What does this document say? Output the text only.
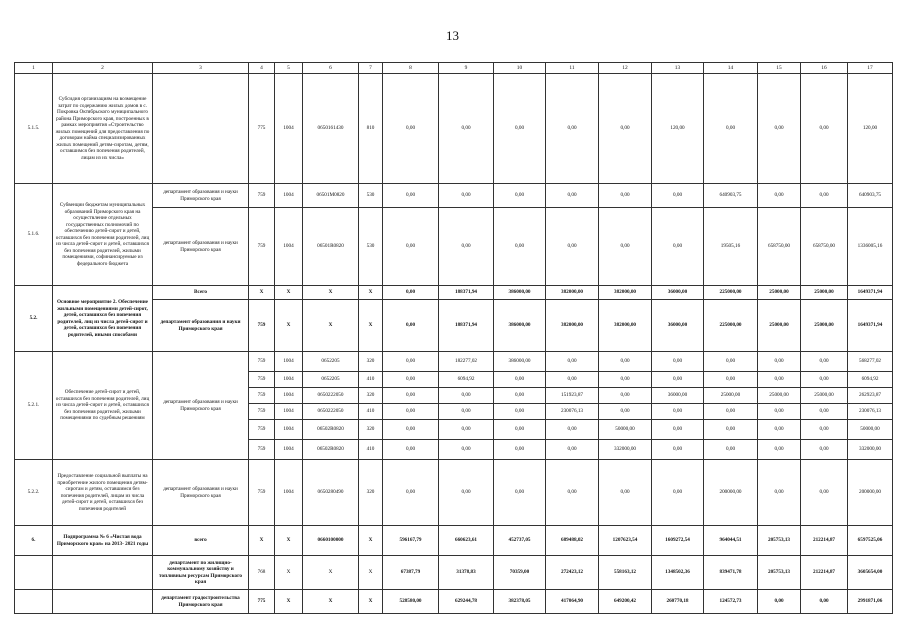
13
1	2	3	4	5	6	7	8	9	10	11	12	13	14	15	16	17
5.1.5.	Субсидия организациям на возмещение затрат по содержанию жилых домов в с. Покровка Октябрьского муниципального района Приморского края, построенных в рамках мероприятия «Строительство жилых помещений для предоставления по договорам найма специализированных жилых помещений детям-сиротам, детям, оставшимся без попечения родителей, лицам из их числа»		775	1004	0650161430	810	0,00	0,00	0,00	0,00	0,00	120,00	0,00	0,00	0,00	120,00
5.1.6.	Субвенции бюджетам муниципальных образований Приморского края на осуществление отдельных государственных полномочий по обеспечению детей-сирот и детей, оставшихся без попечения родителей, лиц из числа детей-сирот и детей, оставшихся без попечения родителей, жилыми помещениями, софинансируемые из федерального бюджета	департамент образования и науки Приморского края	759	1004	06501М0820	530	0,00	0,00	0,00	0,00	0,00	0,00	640903,75	0,00	0,00	640903,75
		департамент образования и науки Приморского края	759	1004	06501R0820	530	0,00	0,00	0,00	0,00	0,00	0,00	19505,16	658750,00	658750,00	1336005,16
5.2.	Основное мероприятие 2. Обеспечение жильными помещениями детей-сирот, детей, оставшихся без попечения родителей, лиц из числа детей-сирот и детей, оставшихся без попечения родителей, иными способами	Всего	X	X	X	X	0,00	188371,94	386000,00	382000,00	382000,00	36000,00	225000,00	25000,00	25000,00	1649371,94
		департамент образования и науки Приморского края	759	X	X	X	0,00	188371,94	386000,00	382000,00	382000,00	36000,00	225000,00	25000,00	25000,00	1649371,94
5.2.1.	Обеспечение детей-сирот и детей, оставшихся без попечения родителей, лиц из числа детей-сирот и детей, оставшихся без попечения родителей, жилыми помещениями по судебным решениям	департамент образования и науки Приморского края	759	1004	0652205	320	0,00	182277,02	386000,00	0,00	0,00	0,00	0,00	0,00	0,00	568277,02
			759	1004	0652205	410	0,00	6094,92	0,00	0,00	0,00	0,00	0,00	0,00	0,00	6094,92
			759	1004	0650222050	320	0,00	0,00	0,00	151923,87	0,00	36000,00	25000,00	25000,00	25000,00	262923,87
			759	1004	0650222050	410	0,00	0,00	0,00	230076,13	0,00	0,00	0,00	0,00	0,00	230076,13
			759	1004	06502R0820	320	0,00	0,00	0,00	0,00	50000,00	0,00	0,00	0,00	0,00	50000,00
			759	1004	06502R0820	410	0,00	0,00	0,00	0,00	332000,00	0,00	0,00	0,00	0,00	332000,00
5.2.2.	Предоставление социальной выплаты на приобретение жилого помещения детям-сиротам и детям, оставшимся без попечения родителей, лицам из числа детей-сирот и детей, оставшихся без попечения родителей	департамент образования и науки Приморского края	759	1004	0650280490	320	0,00	0,00	0,00	0,00	0,00	0,00	200000,00	0,00	0,00	200000,00
6.	Подпрограмма № 6 «Чистая вода Приморского края» на 2013- 2021 годы	всего	X	X	0660100000	X	596167,79	660623,61	452737,05	689488,02	1207623,54	1609272,54	964044,51	205753,13	212214,87	6597525,06
		департамент по жилищно-коммунальному хозяйству и топливным ресурсам Приморского края	768	X	X	X	67387,79	31378,83	70359,00	272423,12	558163,12	1348502,36	839471,78	205753,13	212214,87	3605654,00
		департамент градостроительства Приморского края	775	X	X	X	528580,00	629244,78	382378,05	417064,90	649200,42	260770,18	124572,73	0,00	0,00	2991871,06
